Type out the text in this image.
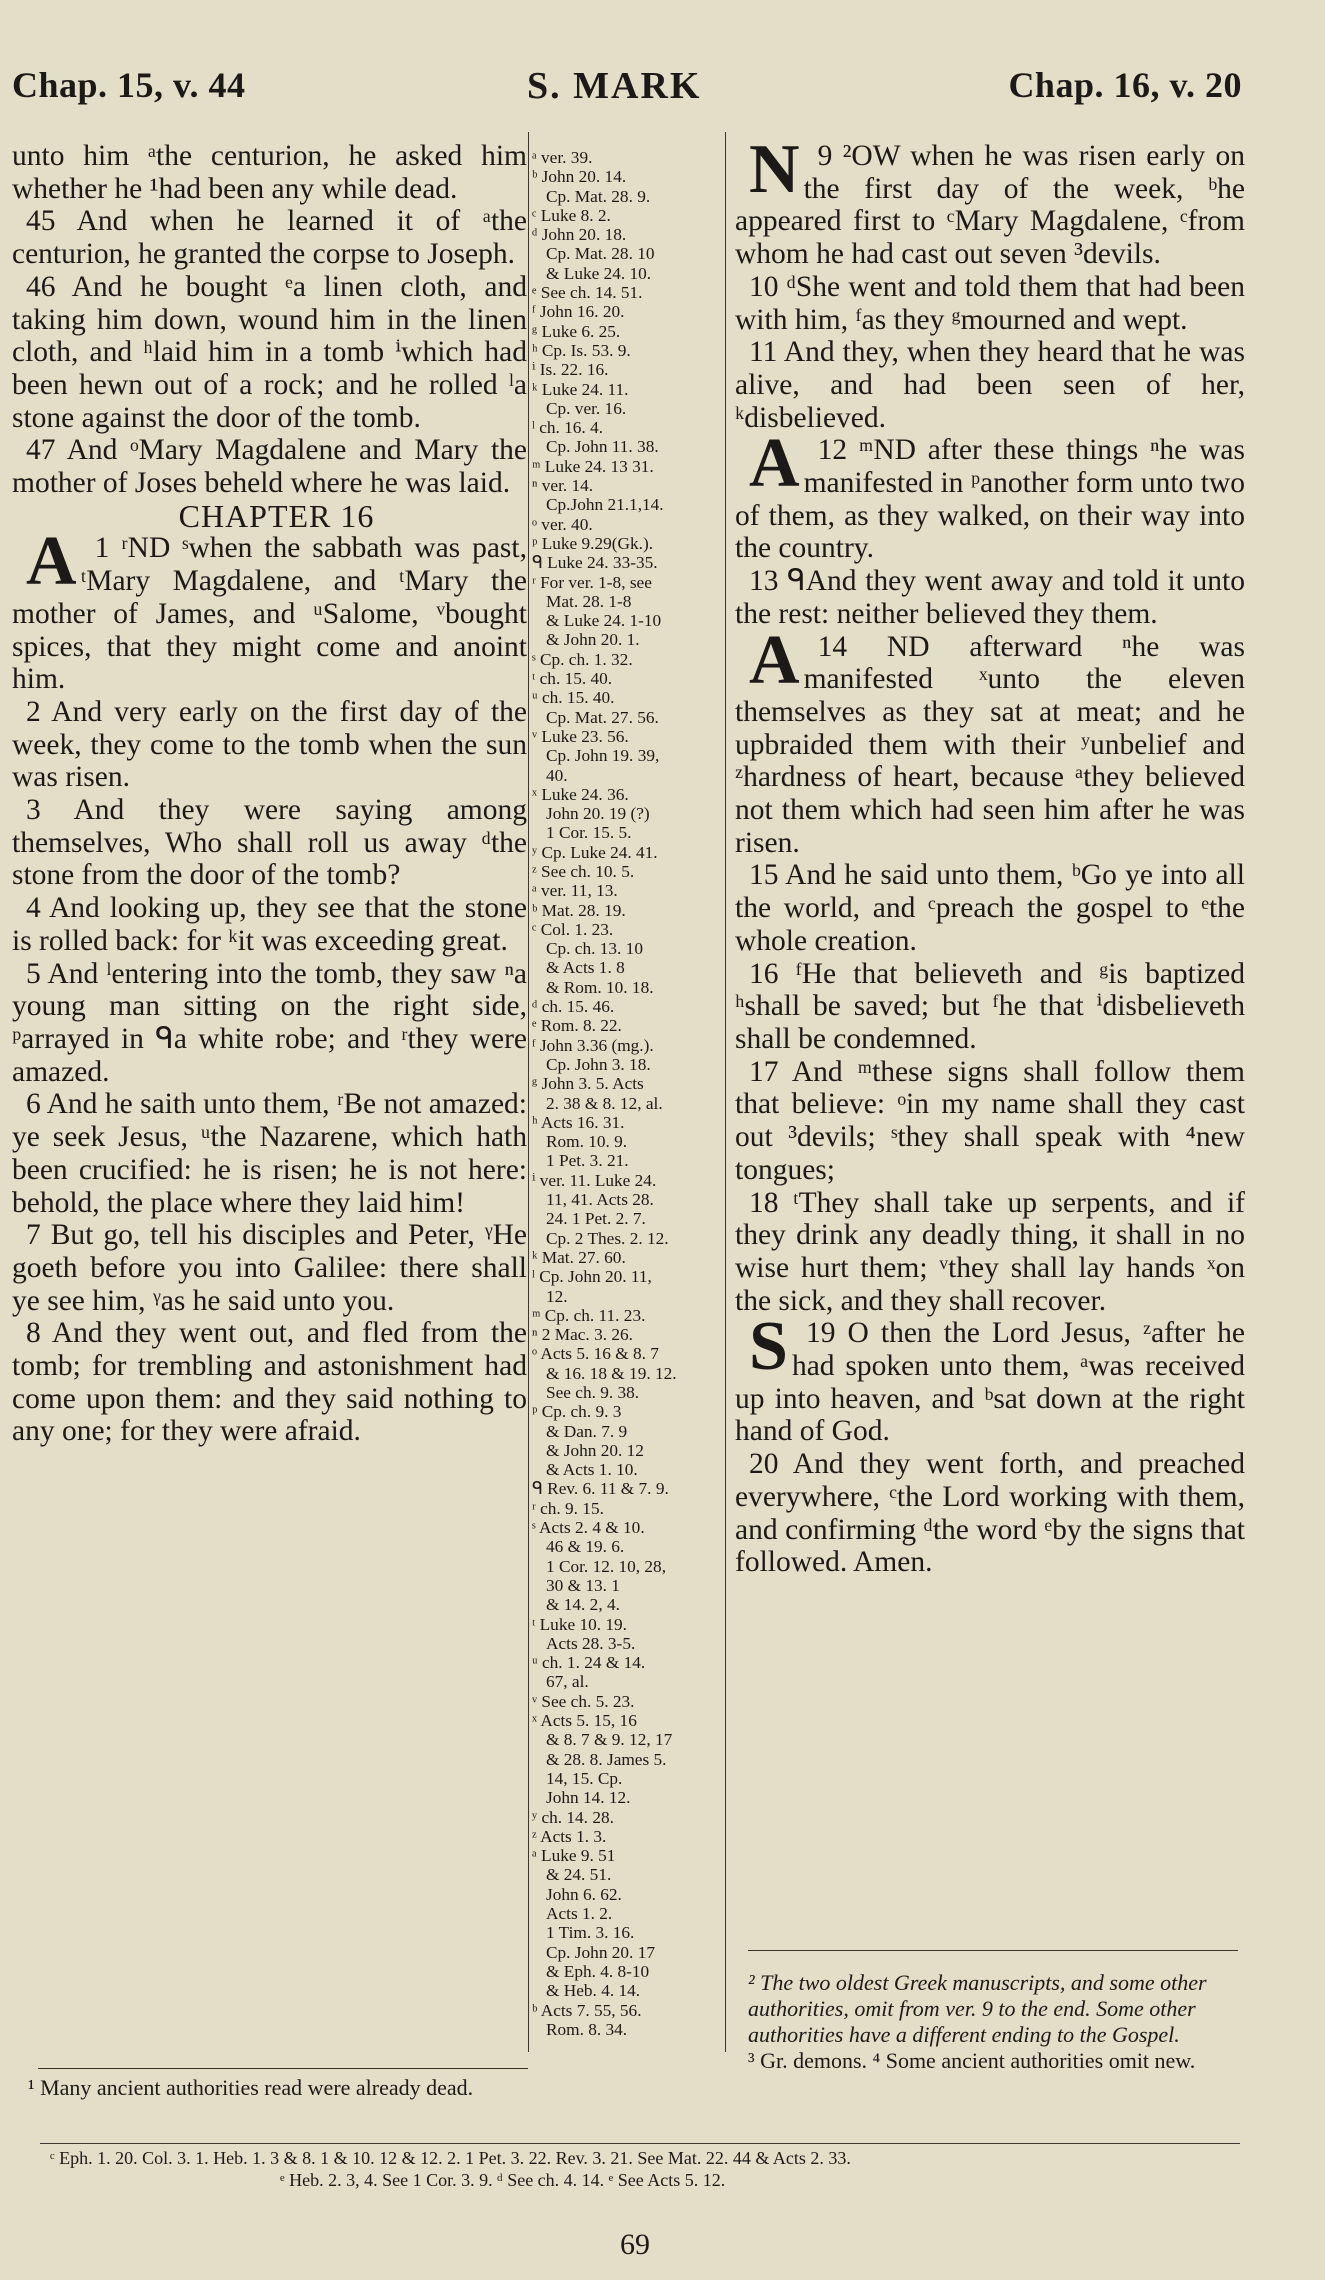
Chap. 15, v. 44	S. MARK	Chap. 16, v. 20

unto him ᵃthe centurion, he asked him whether he ¹had been any while dead.

45 And when he learned it of ᵃthe centurion, he granted the corpse to Joseph.

46 And he bought ᵉa linen cloth, and taking him down, wound him in the linen cloth, and ʰlaid him in a tomb ⁱwhich had been hewn out of a rock; and he rolled ˡa stone against the door of the tomb.

47 And ᵒMary Magdalene and Mary the mother of Joses beheld where he was laid.

CHAPTER 16

1 ʳ
A ND ˢwhen the sabbath was past, ᵗMary Magdalene, and ᵗMary the mother of James, and ᵘSalome, ᵛbought spices, that they might come and anoint him.

2 And very early on the first day of the week, they come to the tomb when the sun was risen.

3 And they were saying among themselves, Who shall roll us away ᵈthe stone from the door of the tomb?

4 And looking up, they see that the stone is rolled back: for ᵏit was exceeding great.

5 And ˡentering into the tomb, they saw ⁿa young man sitting on the right side, ᵖarrayed in ᑫa white robe; and ʳthey were amazed.

6 And he saith unto them, ʳBe not amazed: ye seek Jesus, ᵘthe Nazarene, which hath been crucified: he is risen; he is not here: behold, the place where they laid him!

7 But go, tell his disciples and Peter, ᵞHe goeth before you into Galilee: there shall ye see him, ᵞas he said unto you.

8 And they went out, and fled from the tomb; for trembling and astonishment had come upon them: and they said nothing to any one; for they were afraid.

ᵃ ver. 39.
ᵇ John 20. 14.
Cp. Mat. 28. 9.
ᶜ Luke 8. 2.
ᵈ John 20. 18.
Cp. Mat. 28. 10
& Luke 24. 10.
ᵉ See ch. 14. 51.
ᶠ John 16. 20.
ᵍ Luke 6. 25.
ʰ Cp. Is. 53. 9.
ⁱ Is. 22. 16.
ᵏ Luke 24. 11.
Cp. ver. 16.
ˡ ch. 16. 4.
Cp. John 11. 38.
ᵐ Luke 24. 13 31.
ⁿ ver. 14.
Cp.John 21.1,14.
ᵒ ver. 40.
ᵖ Luke 9.29(Gk.).
ᑫ Luke 24. 33-35.
ʳ For ver. 1-8, see
Mat. 28. 1-8
& Luke 24. 1-10
& John 20. 1.
ˢ Cp. ch. 1. 32.
ᵗ ch. 15. 40.
ᵘ ch. 15. 40.
Cp. Mat. 27. 56.
ᵛ Luke 23. 56.
Cp. John 19. 39,
40.
ˣ Luke 24. 36.
John 20. 19 (?)
1 Cor. 15. 5.
ʸ Cp. Luke 24. 41.
ᶻ See ch. 10. 5.
ᵃ ver. 11, 13.
ᵇ Mat. 28. 19.
ᶜ Col. 1. 23.
Cp. ch. 13. 10
& Acts 1. 8
& Rom. 10. 18.
ᵈ ch. 15. 46.
ᵉ Rom. 8. 22.
ᶠ John 3.36 (mg.).
Cp. John 3. 18.
ᵍ John 3. 5. Acts
2. 38 & 8. 12, al.
ʰ Acts 16. 31.
Rom. 10. 9.
1 Pet. 3. 21.
ⁱ ver. 11. Luke 24.
11, 41. Acts 28.
24. 1 Pet. 2. 7.
Cp. 2 Thes. 2. 12.
ᵏ Mat. 27. 60.
ˡ Cp. John 20. 11,
12.
ᵐ Cp. ch. 11. 23.
ⁿ 2 Mac. 3. 26.
ᵒ Acts 5. 16 & 8. 7
& 16. 18 & 19. 12.
See ch. 9. 38.
ᵖ Cp. ch. 9. 3
& Dan. 7. 9
& John 20. 12
& Acts 1. 10.
ᑫ Rev. 6. 11 & 7. 9.
ʳ ch. 9. 15.
ˢ Acts 2. 4 & 10.
46 & 19. 6.
1 Cor. 12. 10, 28,
30 & 13. 1
& 14. 2, 4.
ᵗ Luke 10. 19.
Acts 28. 3-5.
ᵘ ch. 1. 24 & 14.
67, al.
ᵛ See ch. 5. 23.
ˣ Acts 5. 15, 16
& 8. 7 & 9. 12, 17
& 28. 8. James 5.
14, 15. Cp.
John 14. 12.
ʸ ch. 14. 28.
ᶻ Acts 1. 3.
ᵃ Luke 9. 51
& 24. 51.
John 6. 62.
Acts 1. 2.
1 Tim. 3. 16.
Cp. John 20. 17
& Eph. 4. 8-10
& Heb. 4. 14.
ᵇ Acts 7. 55, 56.
Rom. 8. 34.

9 ²
N OW when he was risen early on the first day of the week, ᵇhe appeared first to ᶜMary Magdalene, ᶜfrom whom he had cast out seven ³devils.

10 ᵈShe went and told them that had been with him, ᶠas they ᵍmourned and wept.

11 And they, when they heard that he was alive, and had been seen of her, ᵏdisbelieved.

12 ᵐ
A	ND after these things ⁿhe was manifested in ᵖanother form unto two of them, as they walked, on their way into the country.

13 ᑫAnd they went away and told it unto the rest: neither believed they them.

14
A	ND afterward ⁿhe was manifested ˣunto the eleven themselves as they sat at meat; and he upbraided them with their ʸunbelief and ᶻhardness of heart, because ᵃthey believed not them which had seen him after he was risen.

15 And he said unto them, ᵇGo ye into all the world, and ᶜpreach the gospel to ᵉthe whole creation.

16 ᶠHe that believeth and ᵍis baptized ʰshall be saved; but ᶠhe that ⁱdisbelieveth shall be condemned.

17 And ᵐthese signs shall follow them that believe: ᵒin my name shall they cast out ³devils; ˢthey shall speak with ⁴new tongues;

18 ᵗThey shall take up serpents, and if they drink any deadly thing, it shall in no wise hurt them; ᵛthey shall lay hands ˣon the sick, and they shall recover.

19
S O then the Lord Jesus, ᶻafter he had spoken unto them, ᵃwas received up into heaven, and ᵇsat down at the right hand of God.

20 And they went forth, and preached everywhere, ᶜthe Lord working with them, and confirming ᵈthe word ᵉby the signs that followed. Amen.

² The two oldest Greek manuscripts, and some other authorities, omit from ver. 9 to the end. Some other authorities have a different ending to the Gospel.
³ Gr. demons. ⁴ Some ancient authorities omit new.
¹ Many ancient authorities read were already dead.
ᶜ Eph. 1. 20. Col. 3. 1. Heb. 1. 3 & 8. 1 & 10. 12 & 12. 2. 1 Pet. 3. 22. Rev. 3. 21. See Mat. 22. 44 & Acts 2. 33.
ᵉ Heb. 2. 3, 4. See 1 Cor. 3. 9. ᵈ See ch. 4. 14. ᵉ See Acts 5. 12.
69
